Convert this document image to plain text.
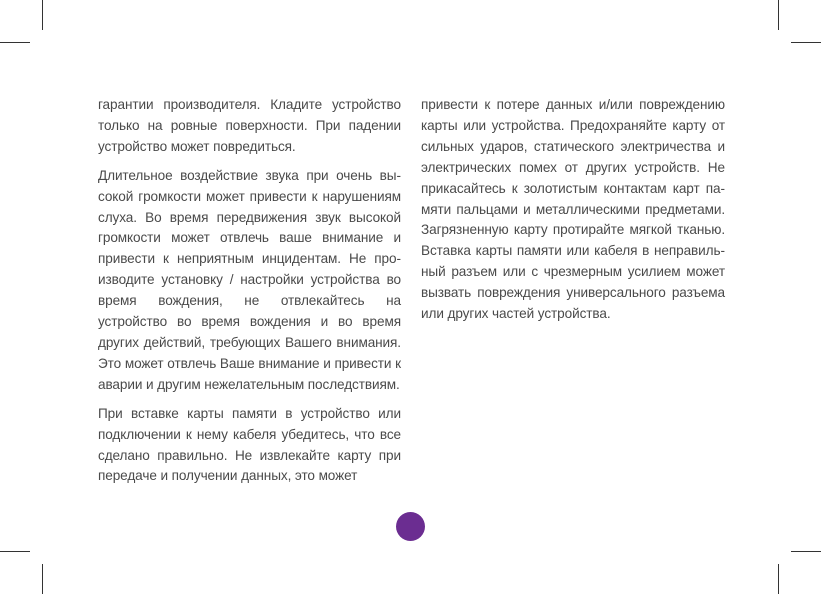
гарантии производителя. Кладите устройство только на ровные поверхности. При падении устройство может повредиться.

Длительное воздействие звука при очень высокой громкости может привести к нарушениям слуха. Во время передвижения звук высокой громкости может отвлечь ваше внимание и привести к неприятным инцидентам. Не производите установку / настройки устройства во время вождения, не отвлекайтесь на устройство во время вождения и во время других действий, требующих Вашего внимания. Это может отвлечь Ваше внимание и привести к аварии и другим нежелательным последствиям.

При вставке карты памяти в устройство или подключении к нему кабеля убедитесь, что все сделано правильно. Не извлекайте карту при передаче и получении данных, это может

привести к потере данных и/или повреждению карты или устройства. Предохраняйте карту от сильных ударов, статического электричества и электрических помех от других устройств. Не прикасайтесь к золотистым контактам карт памяти пальцами и металлическими предметами. Загрязненную карту протирайте мягкой тканью. Вставка карты памяти или кабеля в неправильный разъем или с чрезмерным усилием может вызвать повреждения универсального разъема или других частей устройства.
